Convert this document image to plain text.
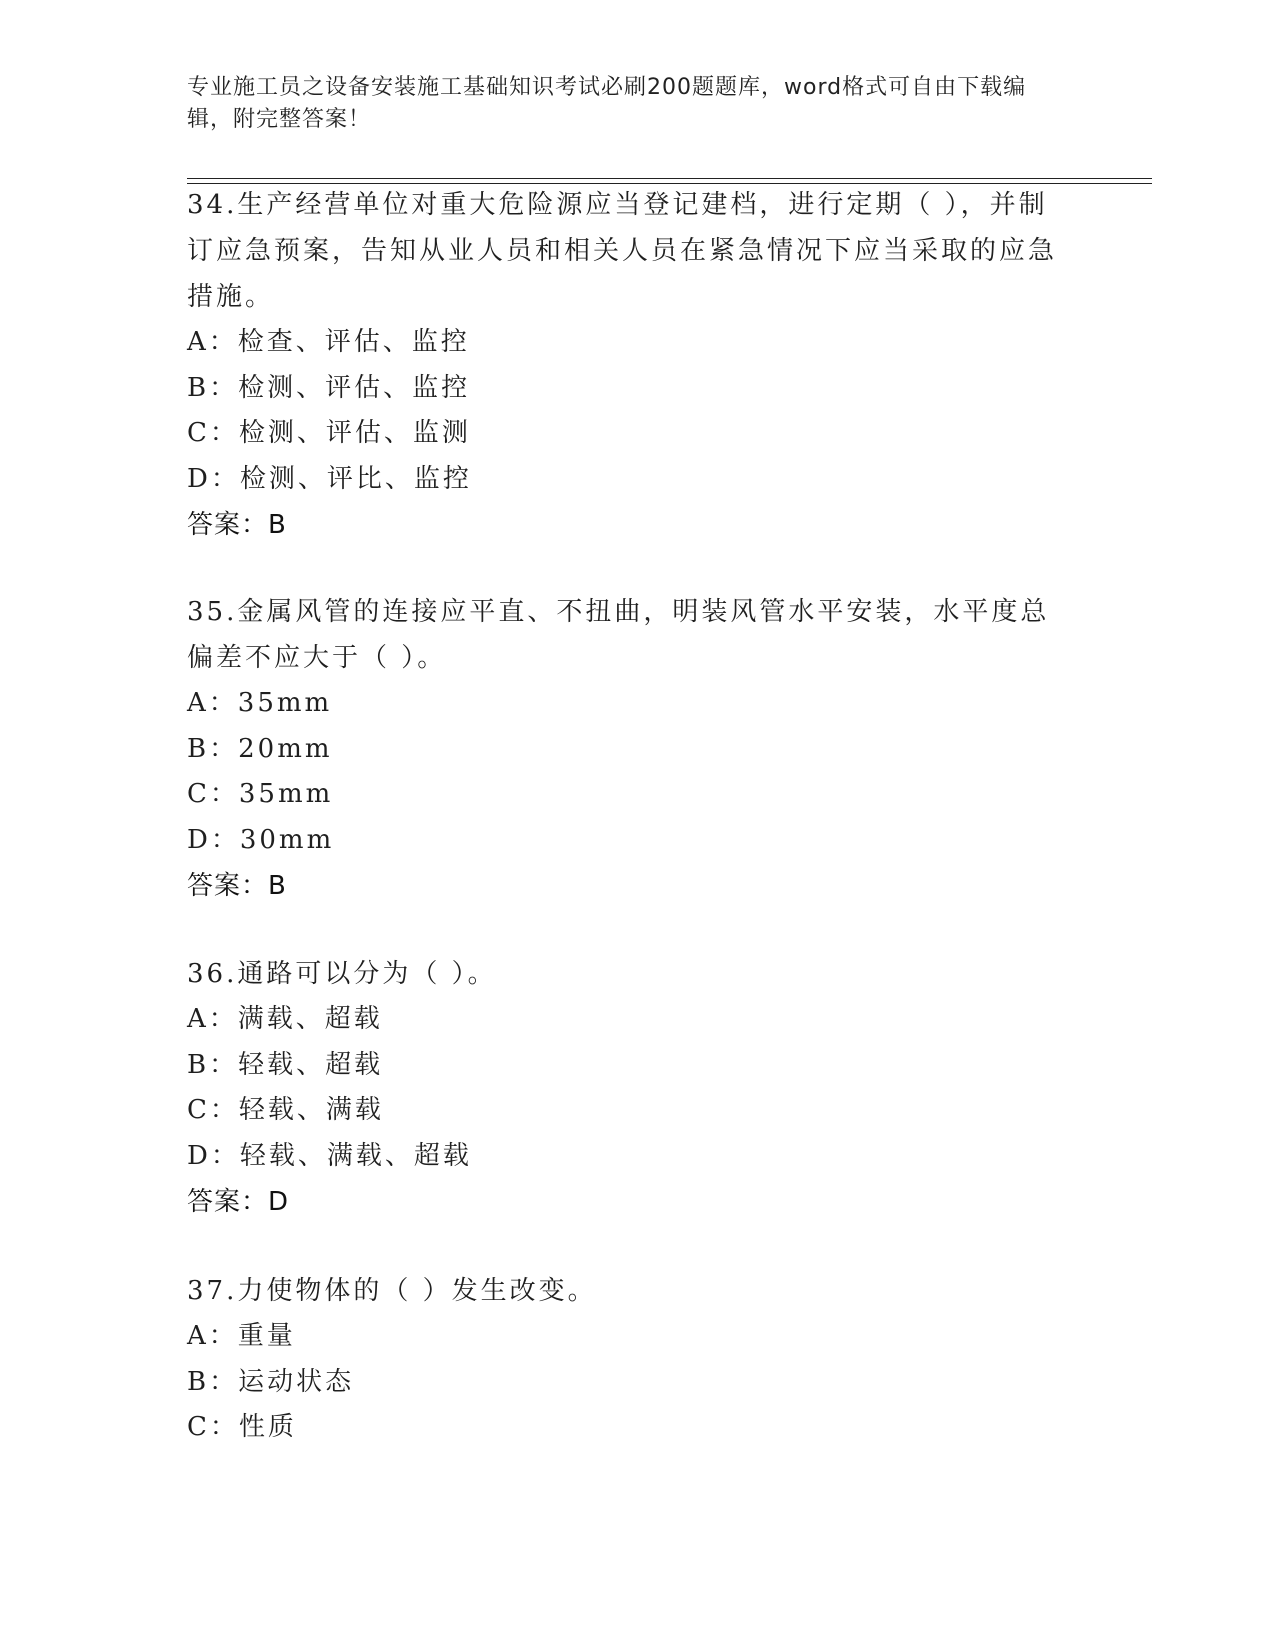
专业施工员之设备安装施工基础知识考试必刷200题题库，word格式可自由下载编辑，附完整答案！
34.生产经营单位对重大危险源应当登记建档，进行定期（ ），并制订应急预案，告知从业人员和相关人员在紧急情况下应当采取的应急措施。
A：检查、评估、监控
B：检测、评估、监控
C：检测、评估、监测
D：检测、评比、监控
答案：B
35.金属风管的连接应平直、不扭曲，明装风管水平安装，水平度总偏差不应大于（ ）。
A：35mm
B：20mm
C：35mm
D：30mm
答案：B
36.通路可以分为（ ）。
A：满载、超载
B：轻载、超载
C：轻载、满载
D：轻载、满载、超载
答案：D
37.力使物体的（ ）发生改变。
A：重量
B：运动状态
C：性质
